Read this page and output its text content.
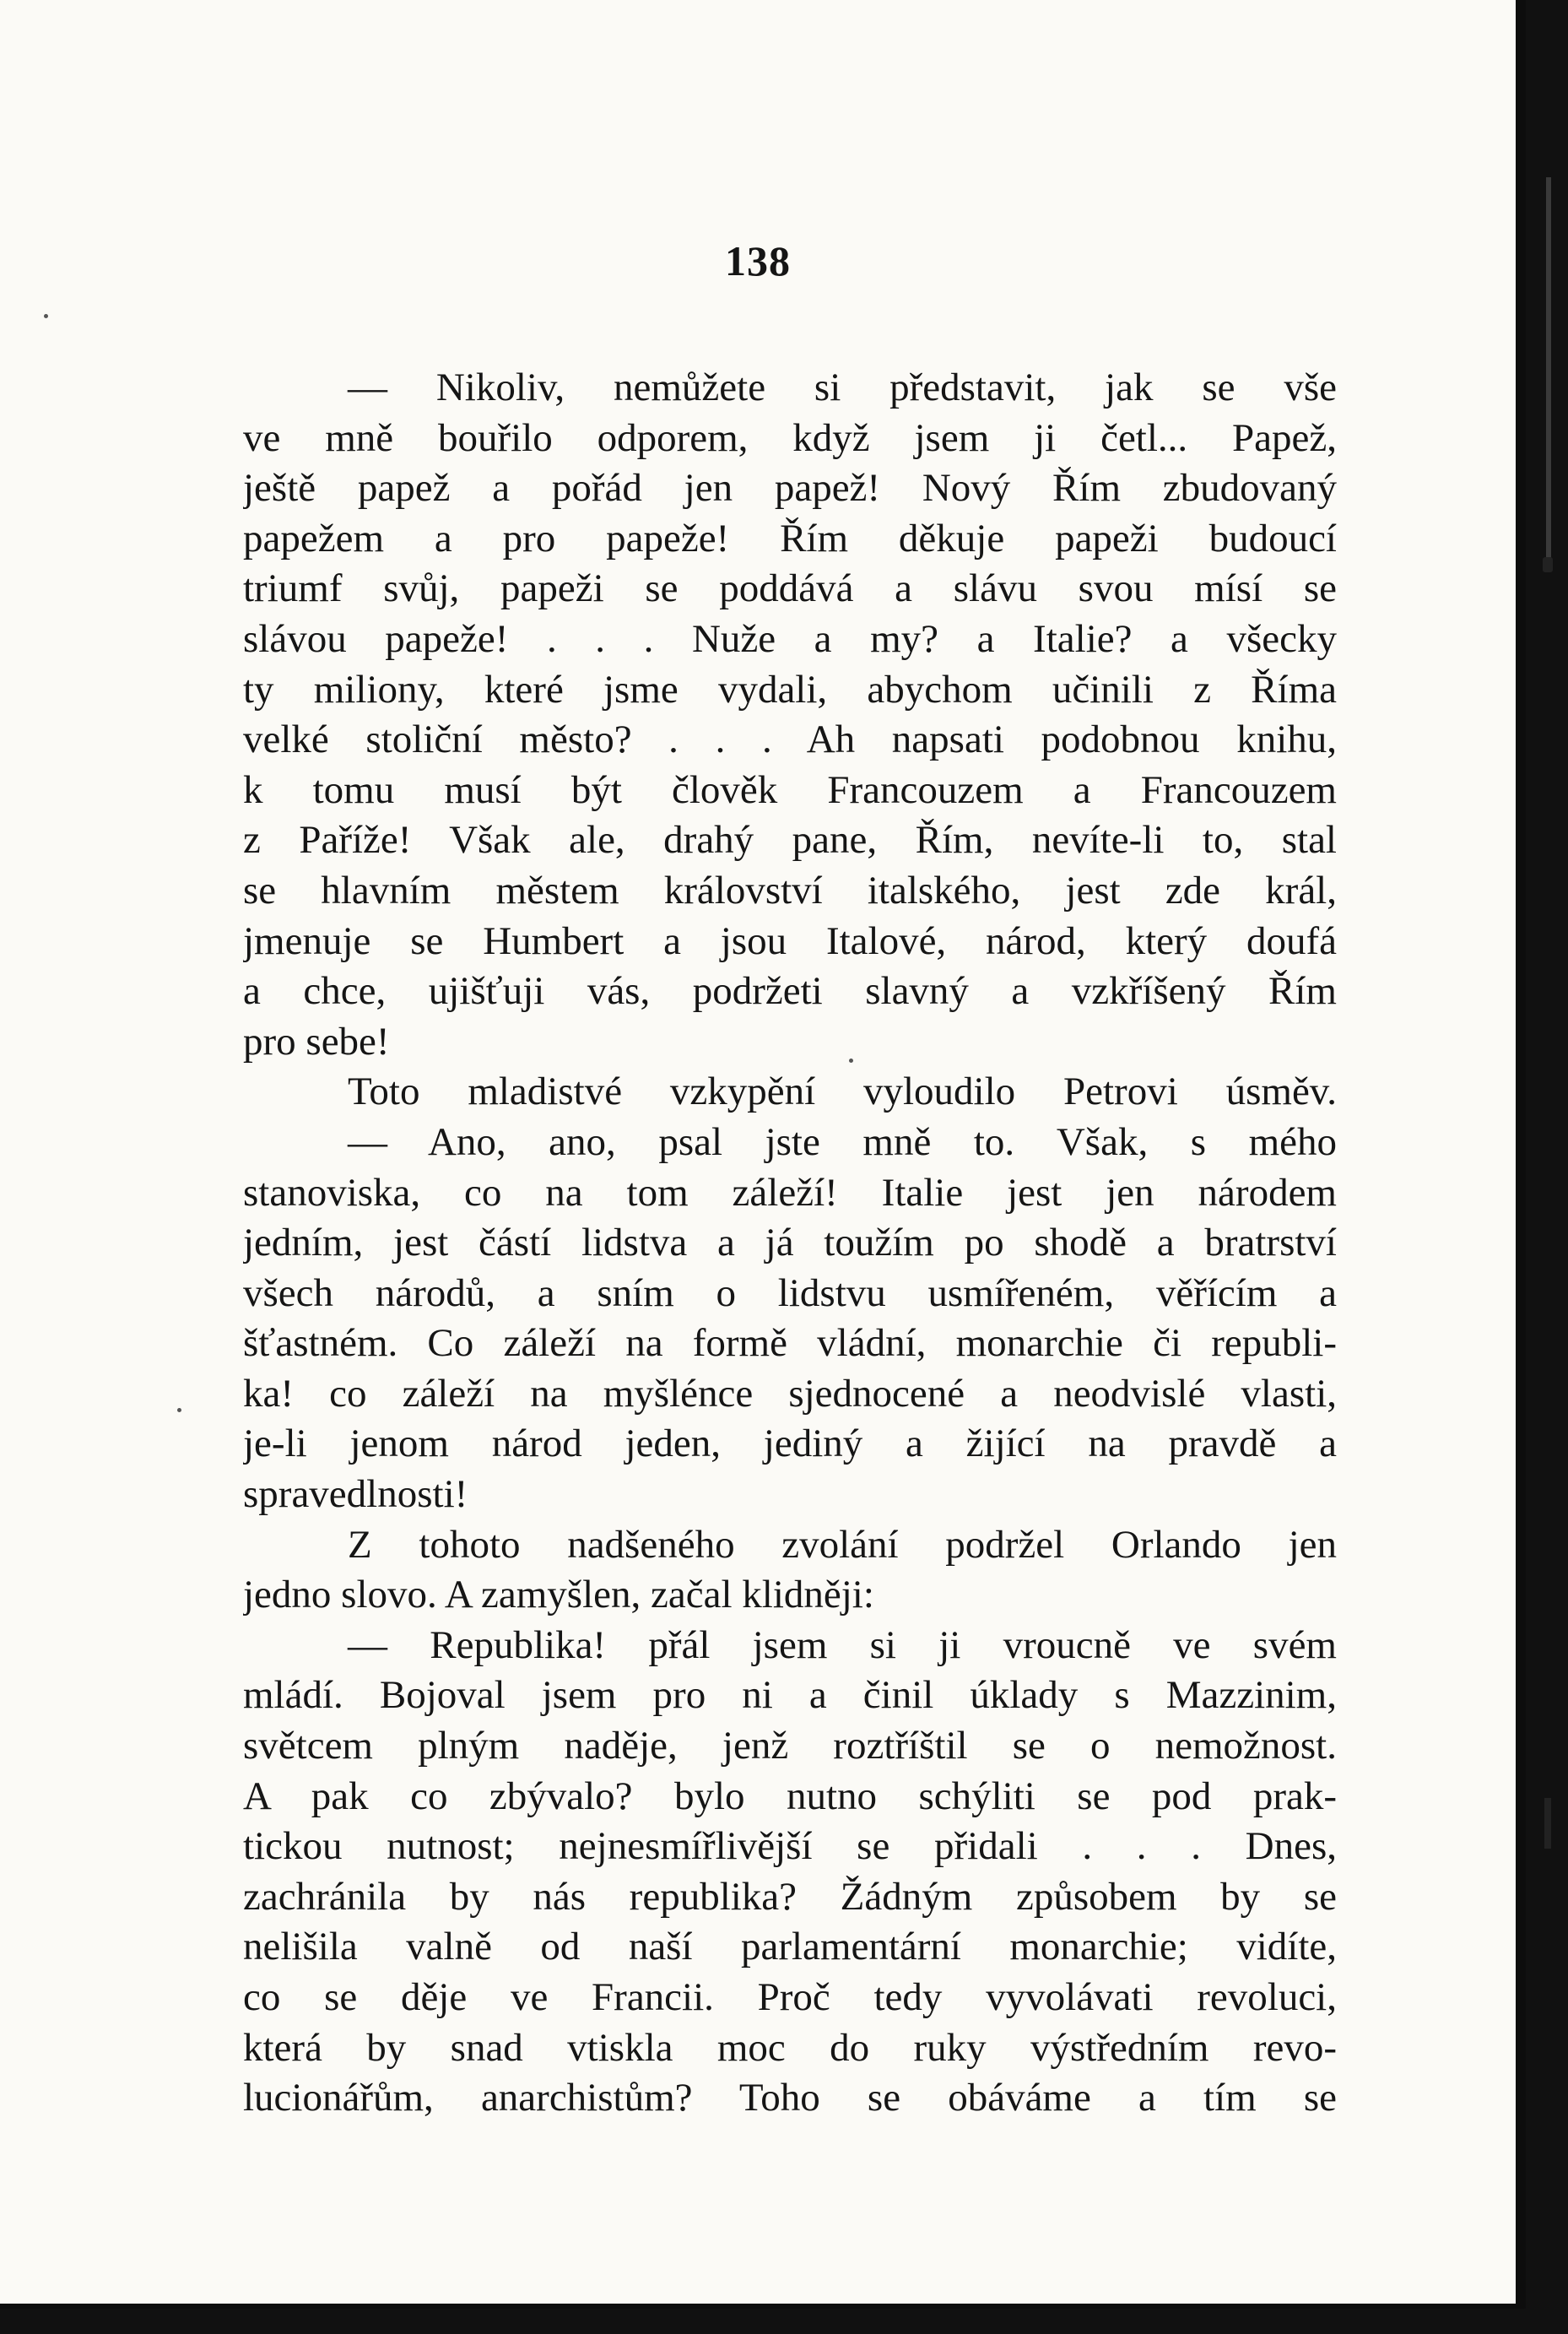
138
— Nikoliv, nemůžete si představit, jak se vše
ve mně bouřilo odporem, když jsem ji četl... Papež,
ještě papež a pořád jen papež! Nový Řím zbudovaný
papežem a pro papeže! Řím děkuje papeži budoucí
triumf svůj, papeži se poddává a slávu svou mísí se
slávou papeže! . . . Nuže a my? a Italie? a všecky
ty miliony, které jsme vydali, abychom učinili z Říma
velké stoliční město? . . . Ah napsati podobnou knihu,
k tomu musí být člověk Francouzem a Francouzem
z Paříže! Však ale, drahý pane, Řím, nevíte-li to, stal
se hlavním městem království italského, jest zde král,
jmenuje se Humbert a jsou Italové, národ, který doufá
a chce, ujišťuji vás, podržeti slavný a vzkříšený Řím
pro sebe!
Toto mladistvé vzkypění vyloudilo Petrovi úsměv.
— Ano, ano, psal jste mně to. Však, s mého
stanoviska, co na tom záleží! Italie jest jen národem
jedním, jest částí lidstva a já toužím po shodě a bratrství
všech národů, a sním o lidstvu usmířeném, věřícím a
šťastném. Co záleží na formě vládní, monarchie či republi-
ka! co záleží na myšlénce sjednocené a neodvislé vlasti,
je-li jenom národ jeden, jediný a žijící na pravdě a
spravedlnosti!
Z tohoto nadšeného zvolání podržel Orlando jen
jedno slovo. A zamyšlen, začal klidněji:
— Republika! přál jsem si ji vroucně ve svém
mládí. Bojoval jsem pro ni a činil úklady s Mazzinim,
světcem plným naděje, jenž roztříštil se o nemožnost.
A pak co zbývalo? bylo nutno schýliti se pod prak-
tickou nutnost; nejnesmířlivější se přidali . . . Dnes,
zachránila by nás republika? Žádným způsobem by se
nelišila valně od naší parlamentární monarchie; vidíte,
co se děje ve Francii. Proč tedy vyvolávati revoluci,
která by snad vtiskla moc do ruky výstředním revo-
lucionářům, anarchistům? Toho se obáváme a tím se
